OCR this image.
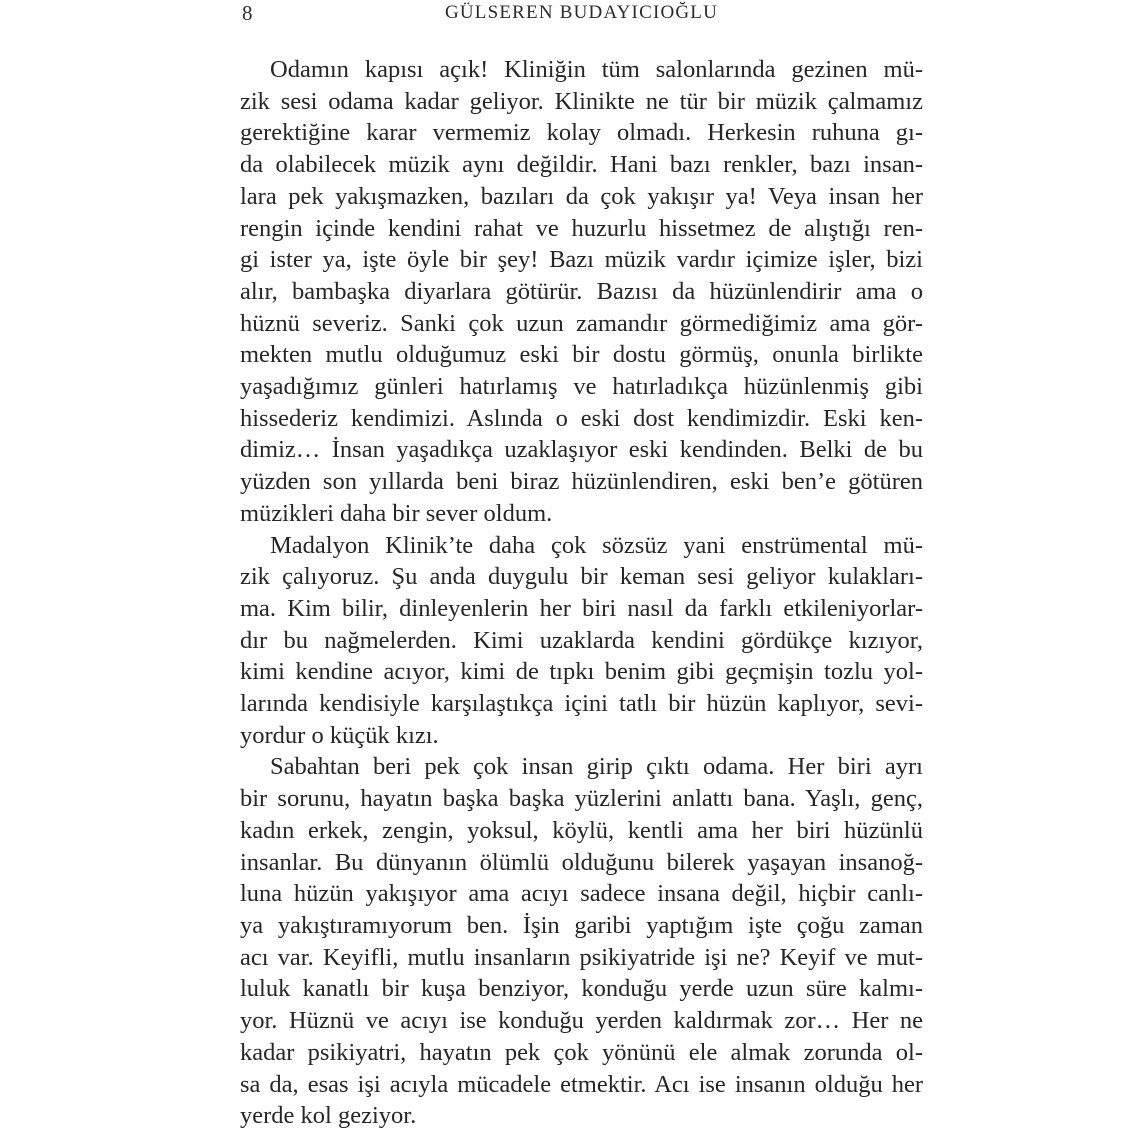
8	GÜLSEREN BUDAYICIOĞLU
Odamın kapısı açık! Kliniğin tüm salonlarında gezinen mü-
zik sesi odama kadar geliyor. Klinikte ne tür bir müzik çalmamız
gerektiğine karar vermemiz kolay olmadı. Herkesin ruhuna gı-
da olabilecek müzik aynı değildir. Hani bazı renkler, bazı insan-
lara pek yakışmazken, bazıları da çok yakışır ya! Veya insan her
rengin içinde kendini rahat ve huzurlu hissetmez de alıştığı ren-
gi ister ya, işte öyle bir şey! Bazı müzik vardır içimize işler, bizi
alır, bambaşka diyarlara götürür. Bazısı da hüzünlendirir ama o
hüznü severiz. Sanki çok uzun zamandır görmediğimiz ama gör-
mekten mutlu olduğumuz eski bir dostu görmüş, onunla birlikte
yaşadığımız günleri hatırlamış ve hatırladıkça hüzünlenmiş gibi
hissederiz kendimizi. Aslında o eski dost kendimizdir. Eski ken-
dimiz… İnsan yaşadıkça uzaklaşıyor eski kendinden. Belki de bu
yüzden son yıllarda beni biraz hüzünlendiren, eski ben’e götüren
müzikleri daha bir sever oldum.
Madalyon Klinik’te daha çok sözsüz yani enstrümental mü-
zik çalıyoruz. Şu anda duygulu bir keman sesi geliyor kulakları-
ma. Kim bilir, dinleyenlerin her biri nasıl da farklı etkileniyorlar-
dır bu nağmelerden. Kimi uzaklarda kendini gördükçe kızıyor,
kimi kendine acıyor, kimi de tıpkı benim gibi geçmişin tozlu yol-
larında kendisiyle karşılaştıkça içini tatlı bir hüzün kaplıyor, sevi-
yordur o küçük kızı.
Sabahtan beri pek çok insan girip çıktı odama. Her biri ayrı
bir sorunu, hayatın başka başka yüzlerini anlattı bana. Yaşlı, genç,
kadın erkek, zengin, yoksul, köylü, kentli ama her biri hüzünlü
insanlar. Bu dünyanın ölümlü olduğunu bilerek yaşayan insanoğ-
luna hüzün yakışıyor ama acıyı sadece insana değil, hiçbir canlı-
ya yakıştıramıyorum ben. İşin garibi yaptığım işte çoğu zaman
acı var. Keyifli, mutlu insanların psikiyatride işi ne? Keyif ve mut-
luluk kanatlı bir kuşa benziyor, konduğu yerde uzun süre kalmı-
yor. Hüznü ve acıyı ise konduğu yerden kaldırmak zor… Her ne
kadar psikiyatri, hayatın pek çok yönünü ele almak zorunda ol-
sa da, esas işi acıyla mücadele etmektir. Acı ise insanın olduğu her
yerde kol geziyor.
